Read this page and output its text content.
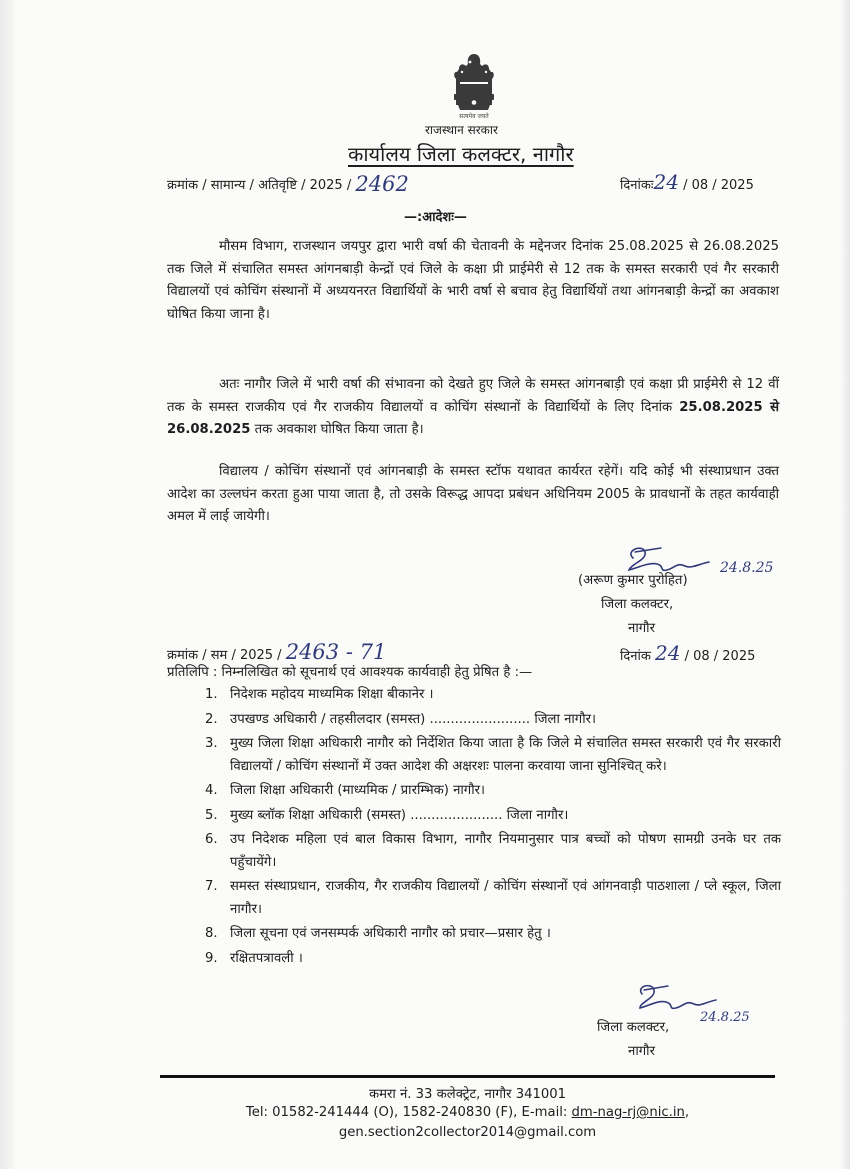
सत्यमेव जयते
राजस्थान सरकार
कार्यालय जिला कलक्टर, नागौर
क्रमांक / सामान्य / अतिवृष्टि / 2025 / 2462	दिनांकः24 / 08 / 2025
—:आदेशः—

मौसम विभाग, राजस्थान जयपुर द्वारा भारी वर्षा की चेतावनी के मद्देनजर दिनांक 25.08.2025 से 26.08.2025 तक जिले में संचालित समस्त आंगनबाड़ी केन्द्रों एवं जिले के कक्षा प्री प्राईमेरी से 12 तक के समस्त सरकारी एवं गैर सरकारी विद्यालयों एवं कोचिंग संस्थानों में अध्ययनरत विद्यार्थियों के भारी वर्षा से बचाव हेतु विद्यार्थियों तथा आंगनबाड़ी केन्द्रों का अवकाश घोषित किया जाना है।

अतः नागौर जिले में भारी वर्षा की संभावना को देखते हुए जिले के समस्त आंगनबाड़ी एवं कक्षा प्री प्राईमेरी से 12 वीं तक के समस्त राजकीय एवं गैर राजकीय विद्यालयों व कोचिंग संस्थानों के विद्यार्थियों के लिए दिनांक 25.08.2025 से 26.08.2025 तक अवकाश घोषित किया जाता है।

विद्यालय / कोचिंग संस्थानों एवं आंगनबाड़ी के समस्त स्टॉफ यथावत कार्यरत रहेगें। यदि कोई भी संस्थाप्रधान उक्त आदेश का उल्लघंन करता हुआ पाया जाता है, तो उसके विरूद्ध आपदा प्रबंधन अधिनियम 2005 के प्रावधानों के तहत कार्यवाही अमल में लाई जायेगी।

24.8.25
(अरूण कुमार पुरोहित)
जिला कलक्टर,
नागौर
क्रमांक / सम / 2025 / 2463 - 71	दिनांक 24 / 08 / 2025
प्रतिलिपि : निम्नलिखित को सूचनार्थ एवं आवश्यक कार्यवाही हेतु प्रेषित है :—
1. निदेशक महोदय माध्यमिक शिक्षा बीकानेर ।
2. उपखण्ड अधिकारी / तहसीलदार (समस्त) ........................ जिला नागौर।
3. मुख्य जिला शिक्षा अधिकारी नागौर को निर्देशित किया जाता है कि जिले मे संचालित समस्त सरकारी एवं गैर सरकारी विद्यालयों / कोचिंग संस्थानों में उक्त आदेश की अक्षरशः पालना करवाया जाना सुनिश्चित् करे।
4. जिला शिक्षा अधिकारी (माध्यमिक / प्रारम्भिक) नागौर।
5. मुख्य ब्लॉक शिक्षा अधिकारी (समस्त) ...................... जिला नागौर।
6. उप निदेशक महिला एवं बाल विकास विभाग, नागौर नियमानुसार पात्र बच्चों को पोषण सामग्री उनके घर तक पहुँचायेंगे।
7. समस्त संस्थाप्रधान, राजकीय, गैर राजकीय विद्यालयों / कोचिंग संस्थानों एवं आंगनवाड़ी पाठशाला / प्ले स्कूल, जिला नागौर।
8. जिला सूचना एवं जनसम्पर्क अधिकारी नागौर को प्रचार—प्रसार हेतु ।
9. रक्षितपत्रावली ।
24.8.25
जिला कलक्टर,
नागौर
कमरा नं. 33 कलेक्ट्रेट, नागौर 341001
Tel: 01582-241444 (O), 1582-240830 (F), E-mail: dm-nag-rj@nic.in,
gen.section2collector2014@gmail.com
